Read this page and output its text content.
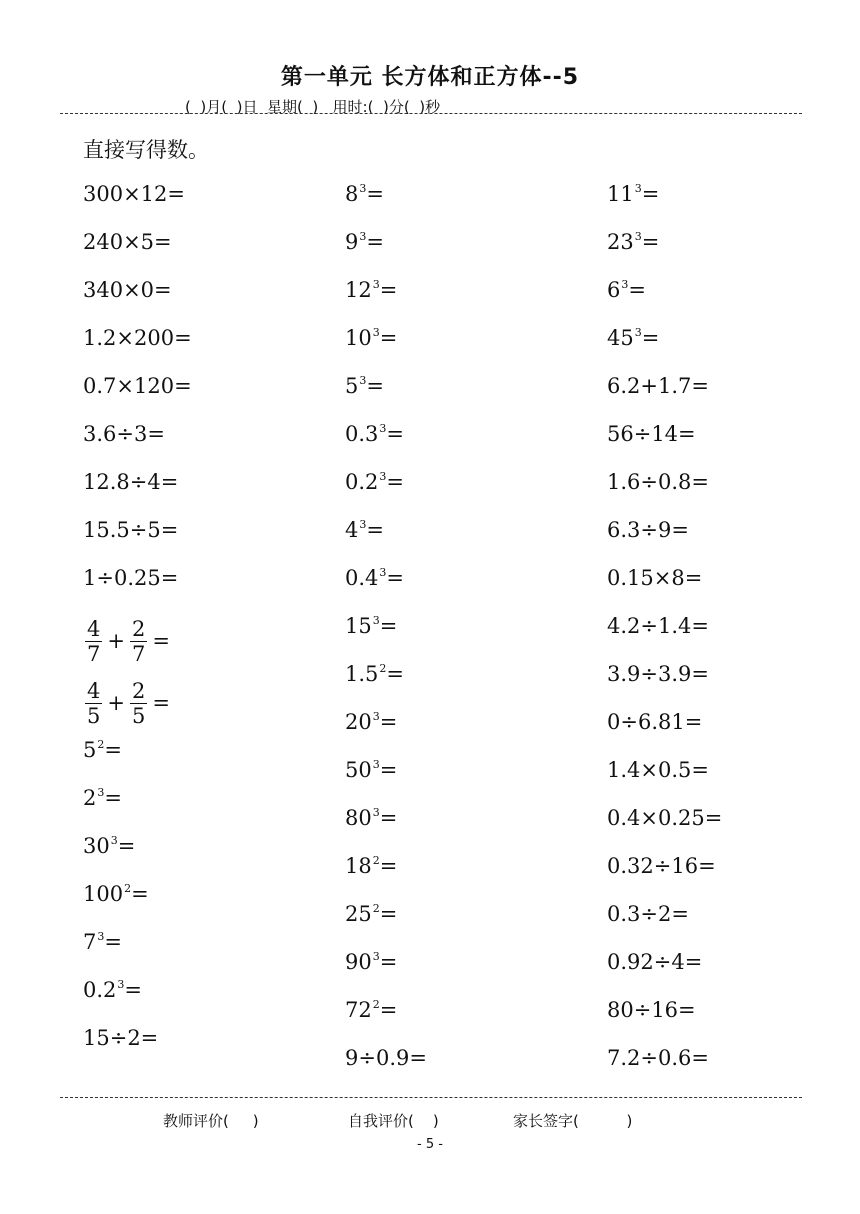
第一单元 长方体和正方体--5
(  )月(  )日  星期(  )   用时:(  )分(  )秒
直接写得数。
300×12=
240×5=
340×0=
1.2×200=
0.7×120=
3.6÷3=
12.8÷4=
15.5÷5=
1÷0.25=
$\frac{4}{7} + \frac{2}{7}$ =
$\frac{4}{5} + \frac{2}{5}$ =
$5^2=$
$2^3=$
$30^3=$
$100^2=$
$7^3=$
$0.2^3=$
15÷2=
$8^3=$
$9^3=$
$12^3=$
$10^3=$
$5^3=$
$0.3^3=$
$0.2^3=$
$4^3=$
$0.4^3=$
$15^3=$
$1.5^2=$
$20^3=$
$50^3=$
$80^3=$
$18^2=$
$25^2=$
$90^3=$
$72^2=$
9÷0.9=
$11^3=$
$23^3=$
$6^3=$
$45^3=$
6.2+1.7=
56÷14=
1.6÷0.8=
6.3÷9=
0.15×8=
4.2÷1.4=
3.9÷3.9=
0÷6.81=
1.4×0.5=
0.4×0.25=
0.32÷16=
0.3÷2=
0.92÷4=
80÷16=
7.2÷0.6=
教师评价(     )	自我评价(    )	家长签字(          )
- 5 -
